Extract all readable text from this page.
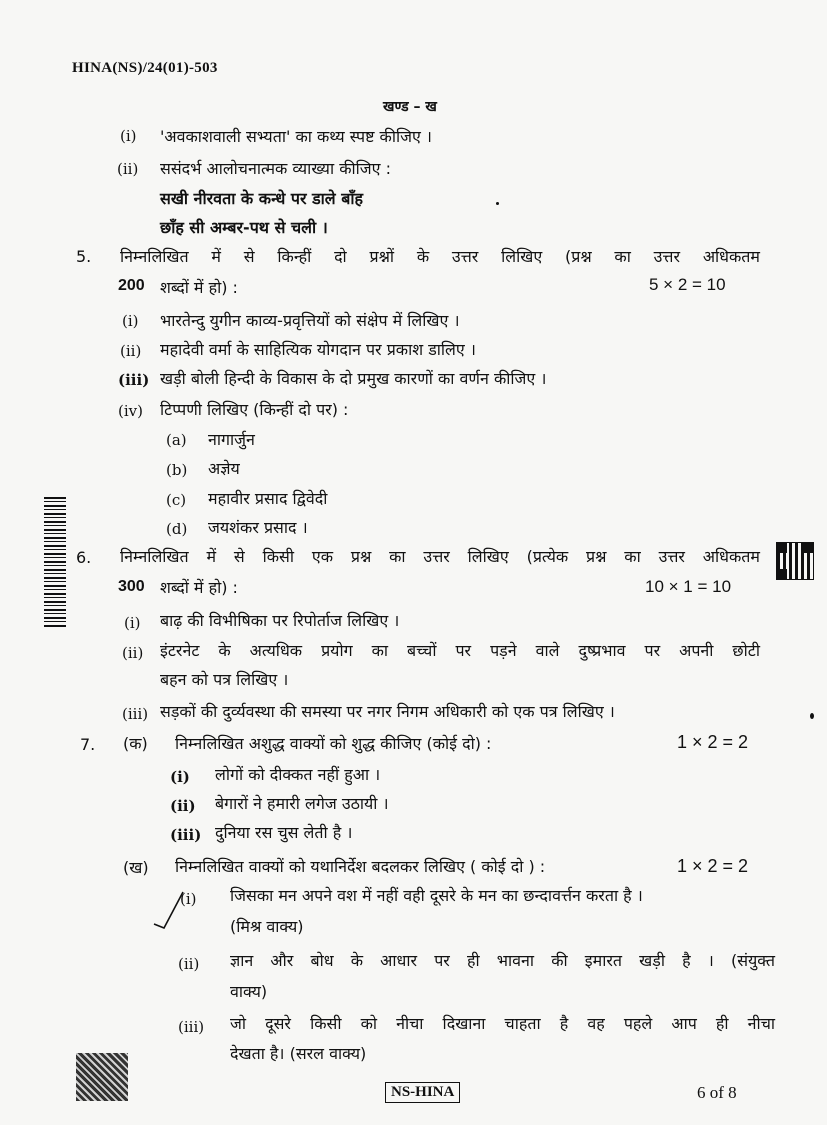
HINA(NS)/24(01)-503
खण्ड – ख
(i) 'अवकाशवाली सभ्यता' का कथ्य स्पष्ट कीजिए ।
(ii) ससंदर्भ आलोचनात्मक व्याख्या कीजिए :
सखी नीरवता के कन्धे पर डाले बाँह
छाँह सी अम्बर-पथ से चली ।
5. निम्नलिखित में से किन्हीं दो प्रश्नों के उत्तर लिखिए (प्रश्न का उत्तर अधिकतम
200 शब्दों में हो) :	5 × 2 = 10
(i) भारतेन्दु युगीन काव्य-प्रवृत्तियों को संक्षेप में लिखिए ।
(ii) महादेवी वर्मा के साहित्यिक योगदान पर प्रकाश डालिए ।
(iii) खड़ी बोली हिन्दी के विकास के दो प्रमुख कारणों का वर्णन कीजिए ।
(iv) टिप्पणी लिखिए (किन्हीं दो पर) :
(a) नागार्जुन
(b) अज्ञेय
(c) महावीर प्रसाद द्विवेदी
(d) जयशंकर प्रसाद ।
6. निम्नलिखित में से किसी एक प्रश्न का उत्तर लिखिए (प्रत्येक प्रश्न का उत्तर अधिकतम
300 शब्दों में हो) :	10 × 1 = 10
(i) बाढ़ की विभीषिका पर रिपोर्ताज लिखिए ।
(ii) इंटरनेट के अत्यधिक प्रयोग का बच्चों पर पड़ने वाले दुष्प्रभाव पर अपनी छोटी
बहन को पत्र लिखिए ।
(iii) सड़कों की दुर्व्यवस्था की समस्या पर नगर निगम अधिकारी को एक पत्र लिखिए ।
7. (क) निम्नलिखित अशुद्ध वाक्यों को शुद्ध कीजिए (कोई दो) :	1 × 2 = 2
(i) लोगों को दीक्कत नहीं हुआ ।
(ii) बेगारों ने हमारी लगेज उठायी ।
(iii) दुनिया रस चुस लेती है ।
(ख) निम्नलिखित वाक्यों को यथानिर्देश बदलकर लिखिए ( कोई दो ) :	1 × 2 = 2
(i) जिसका मन अपने वश में नहीं वही दूसरे के मन का छन्दावर्त्तन करता है ।
(मिश्र वाक्य)
(ii) ज्ञान और बोध के आधार पर ही भावना की इमारत खड़ी है । (संयुक्त
वाक्य)
(iii) जो दूसरे किसी को नीचा दिखाना चाहता है वह पहले आप ही नीचा
देखता है। (सरल वाक्य)
NS-HINA	6 of 8
